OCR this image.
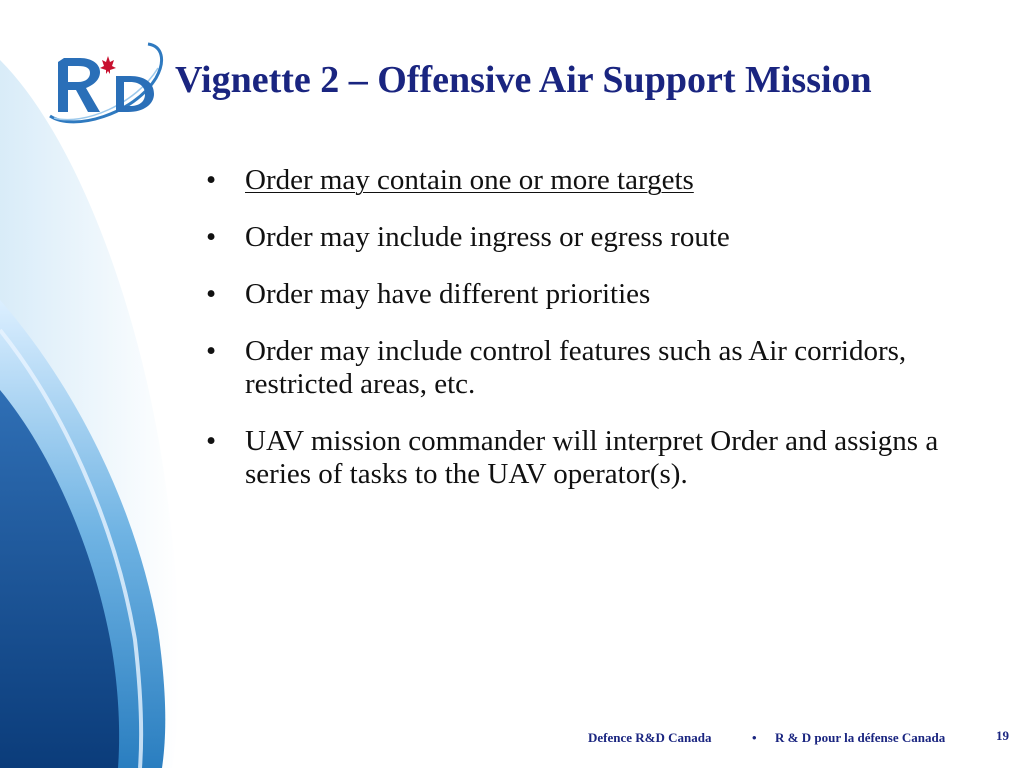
Vignette 2 – Offensive Air Support Mission
• Order may contain one or more targets
• Order may include ingress or egress route
• Order may have different priorities
• Order may include control features such as Air corridors, restricted areas, etc.
• UAV mission commander will interpret Order and assigns a series of tasks to the UAV operator(s).
Defence R&D Canada	• R & D pour la défense Canada	19
